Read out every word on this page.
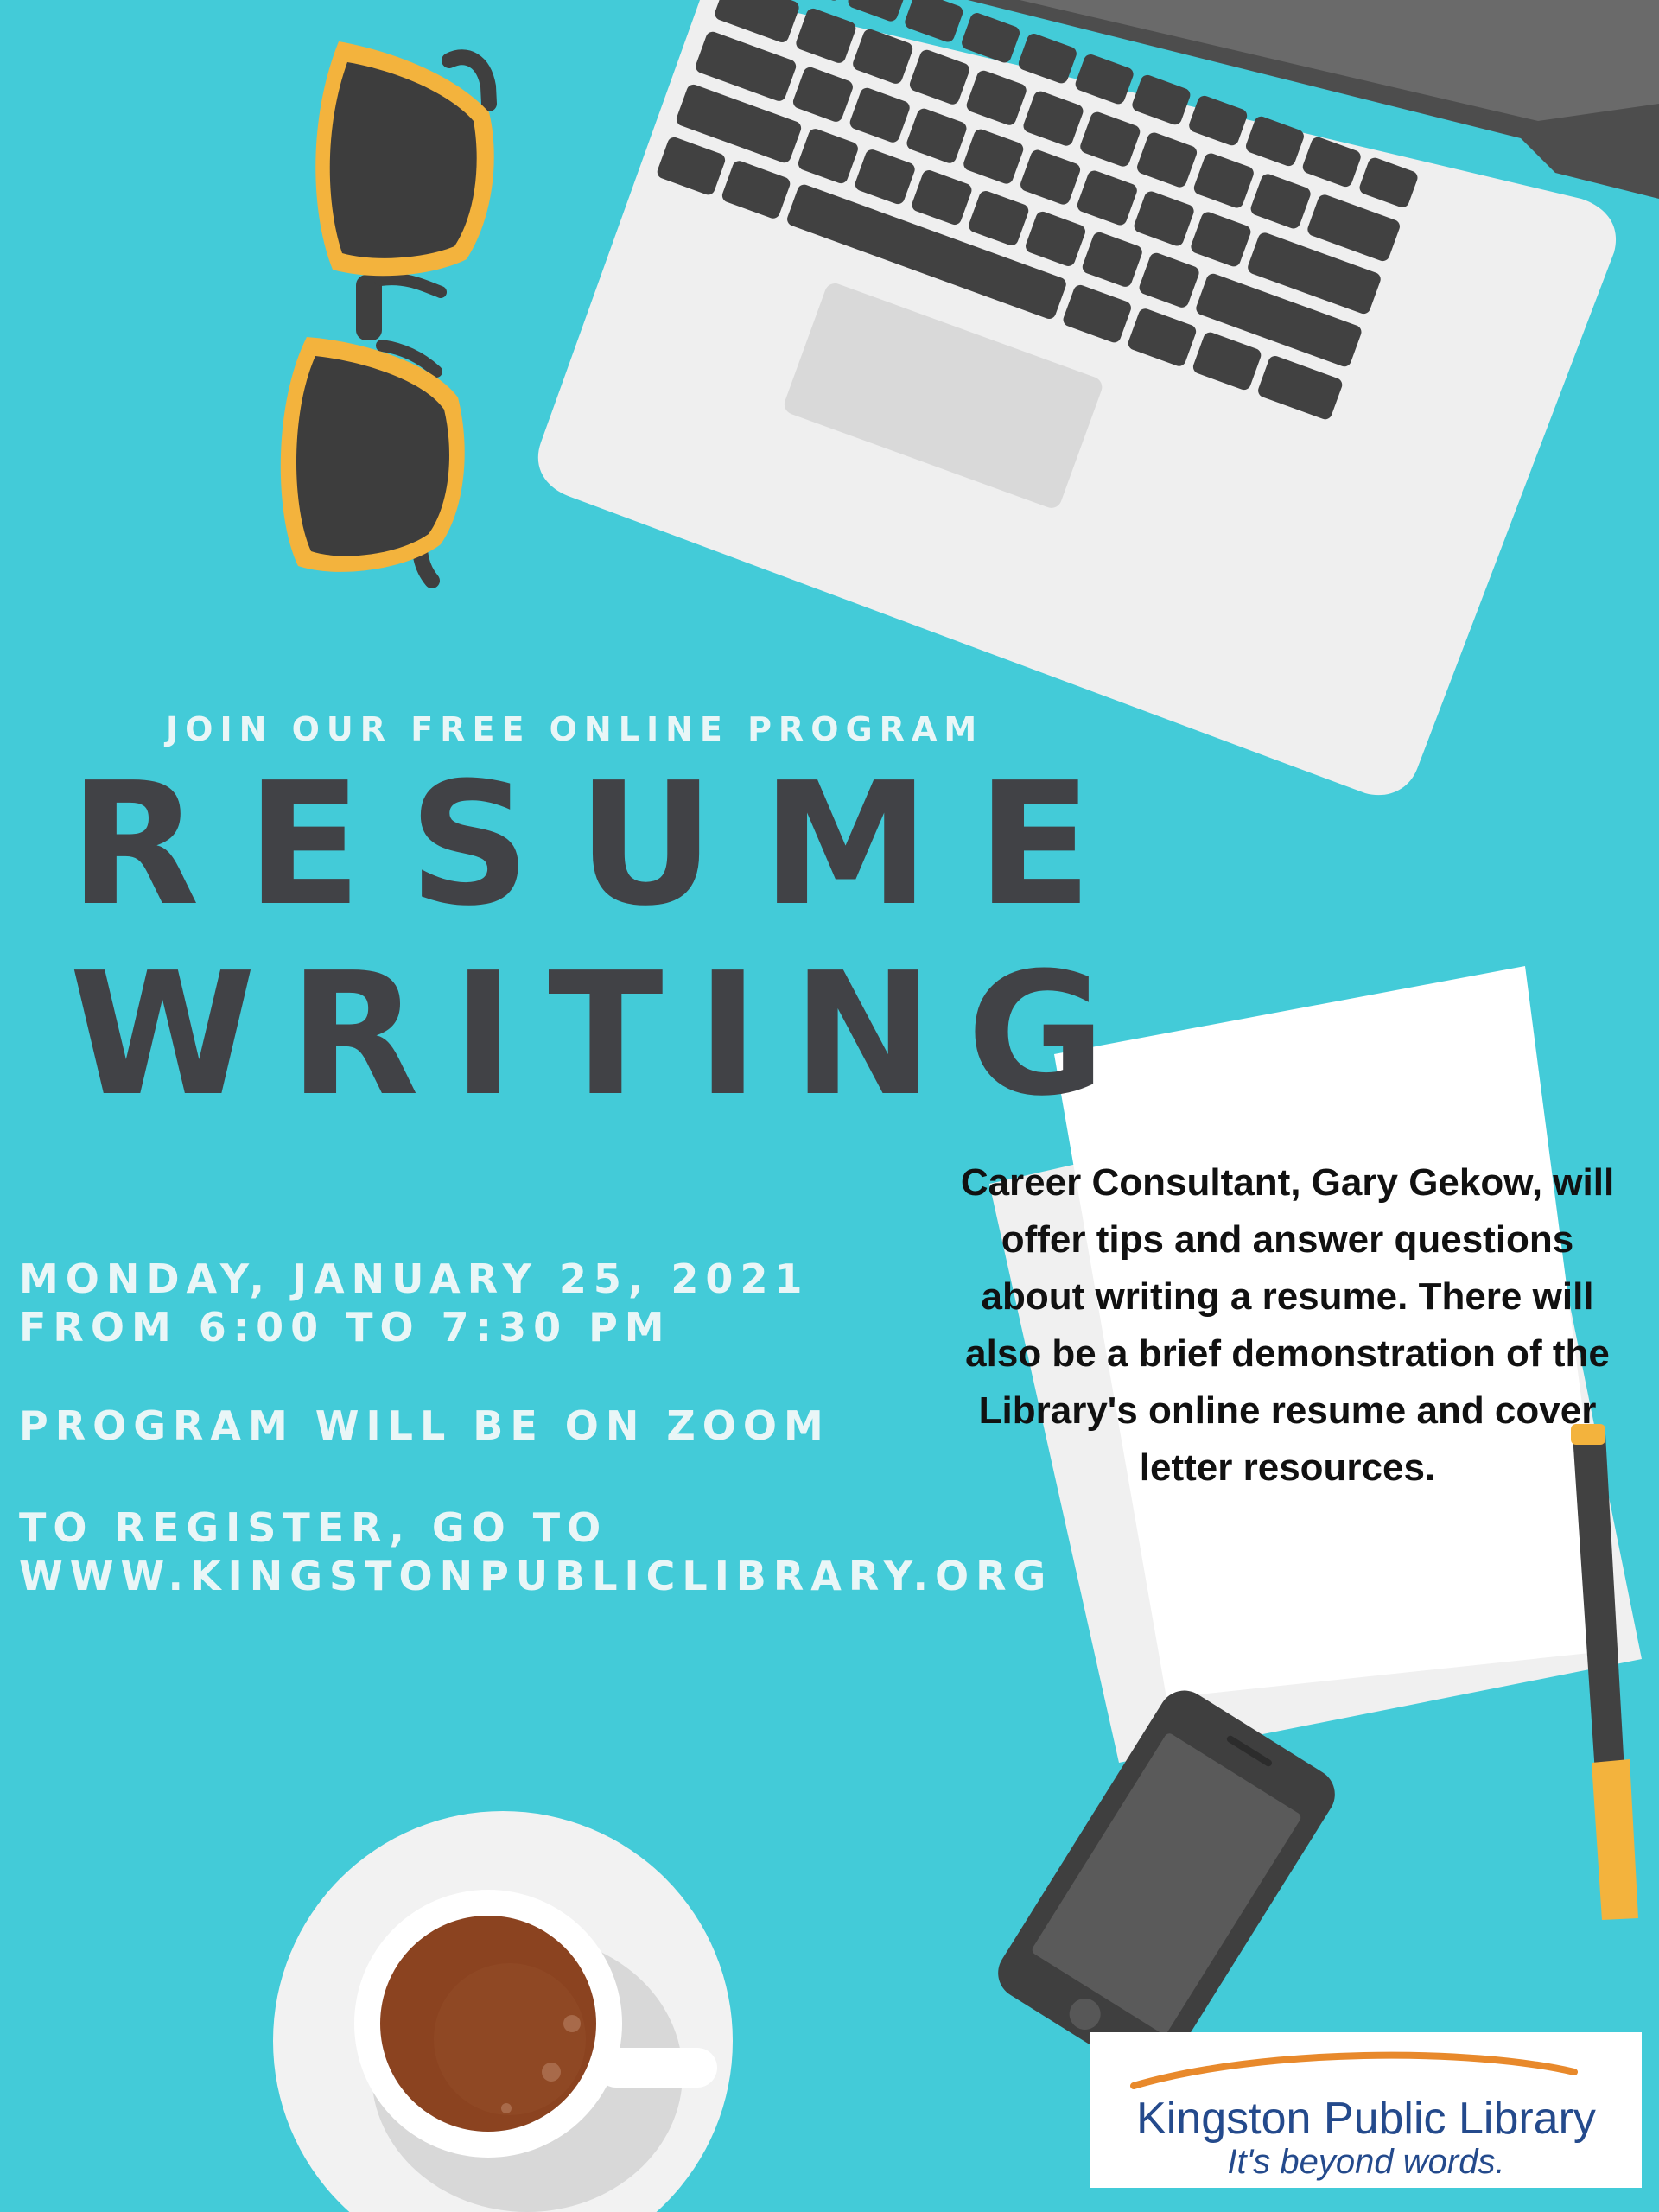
JOIN OUR FREE ONLINE PROGRAM

RESUME
WRITING

MONDAY, JANUARY 25, 2021

FROM 6:00 TO 7:30 PM

PROGRAM WILL BE ON ZOOM

TO REGISTER, GO TO

WWW.KINGSTONPUBLICLIBRARY.ORG

Career Consultant, Gary Gekow, will offer tips and answer questions about writing a resume. There will also be a brief demonstration of the Library's online resume and cover letter resources.

Kingston Public Library
It's beyond words.
